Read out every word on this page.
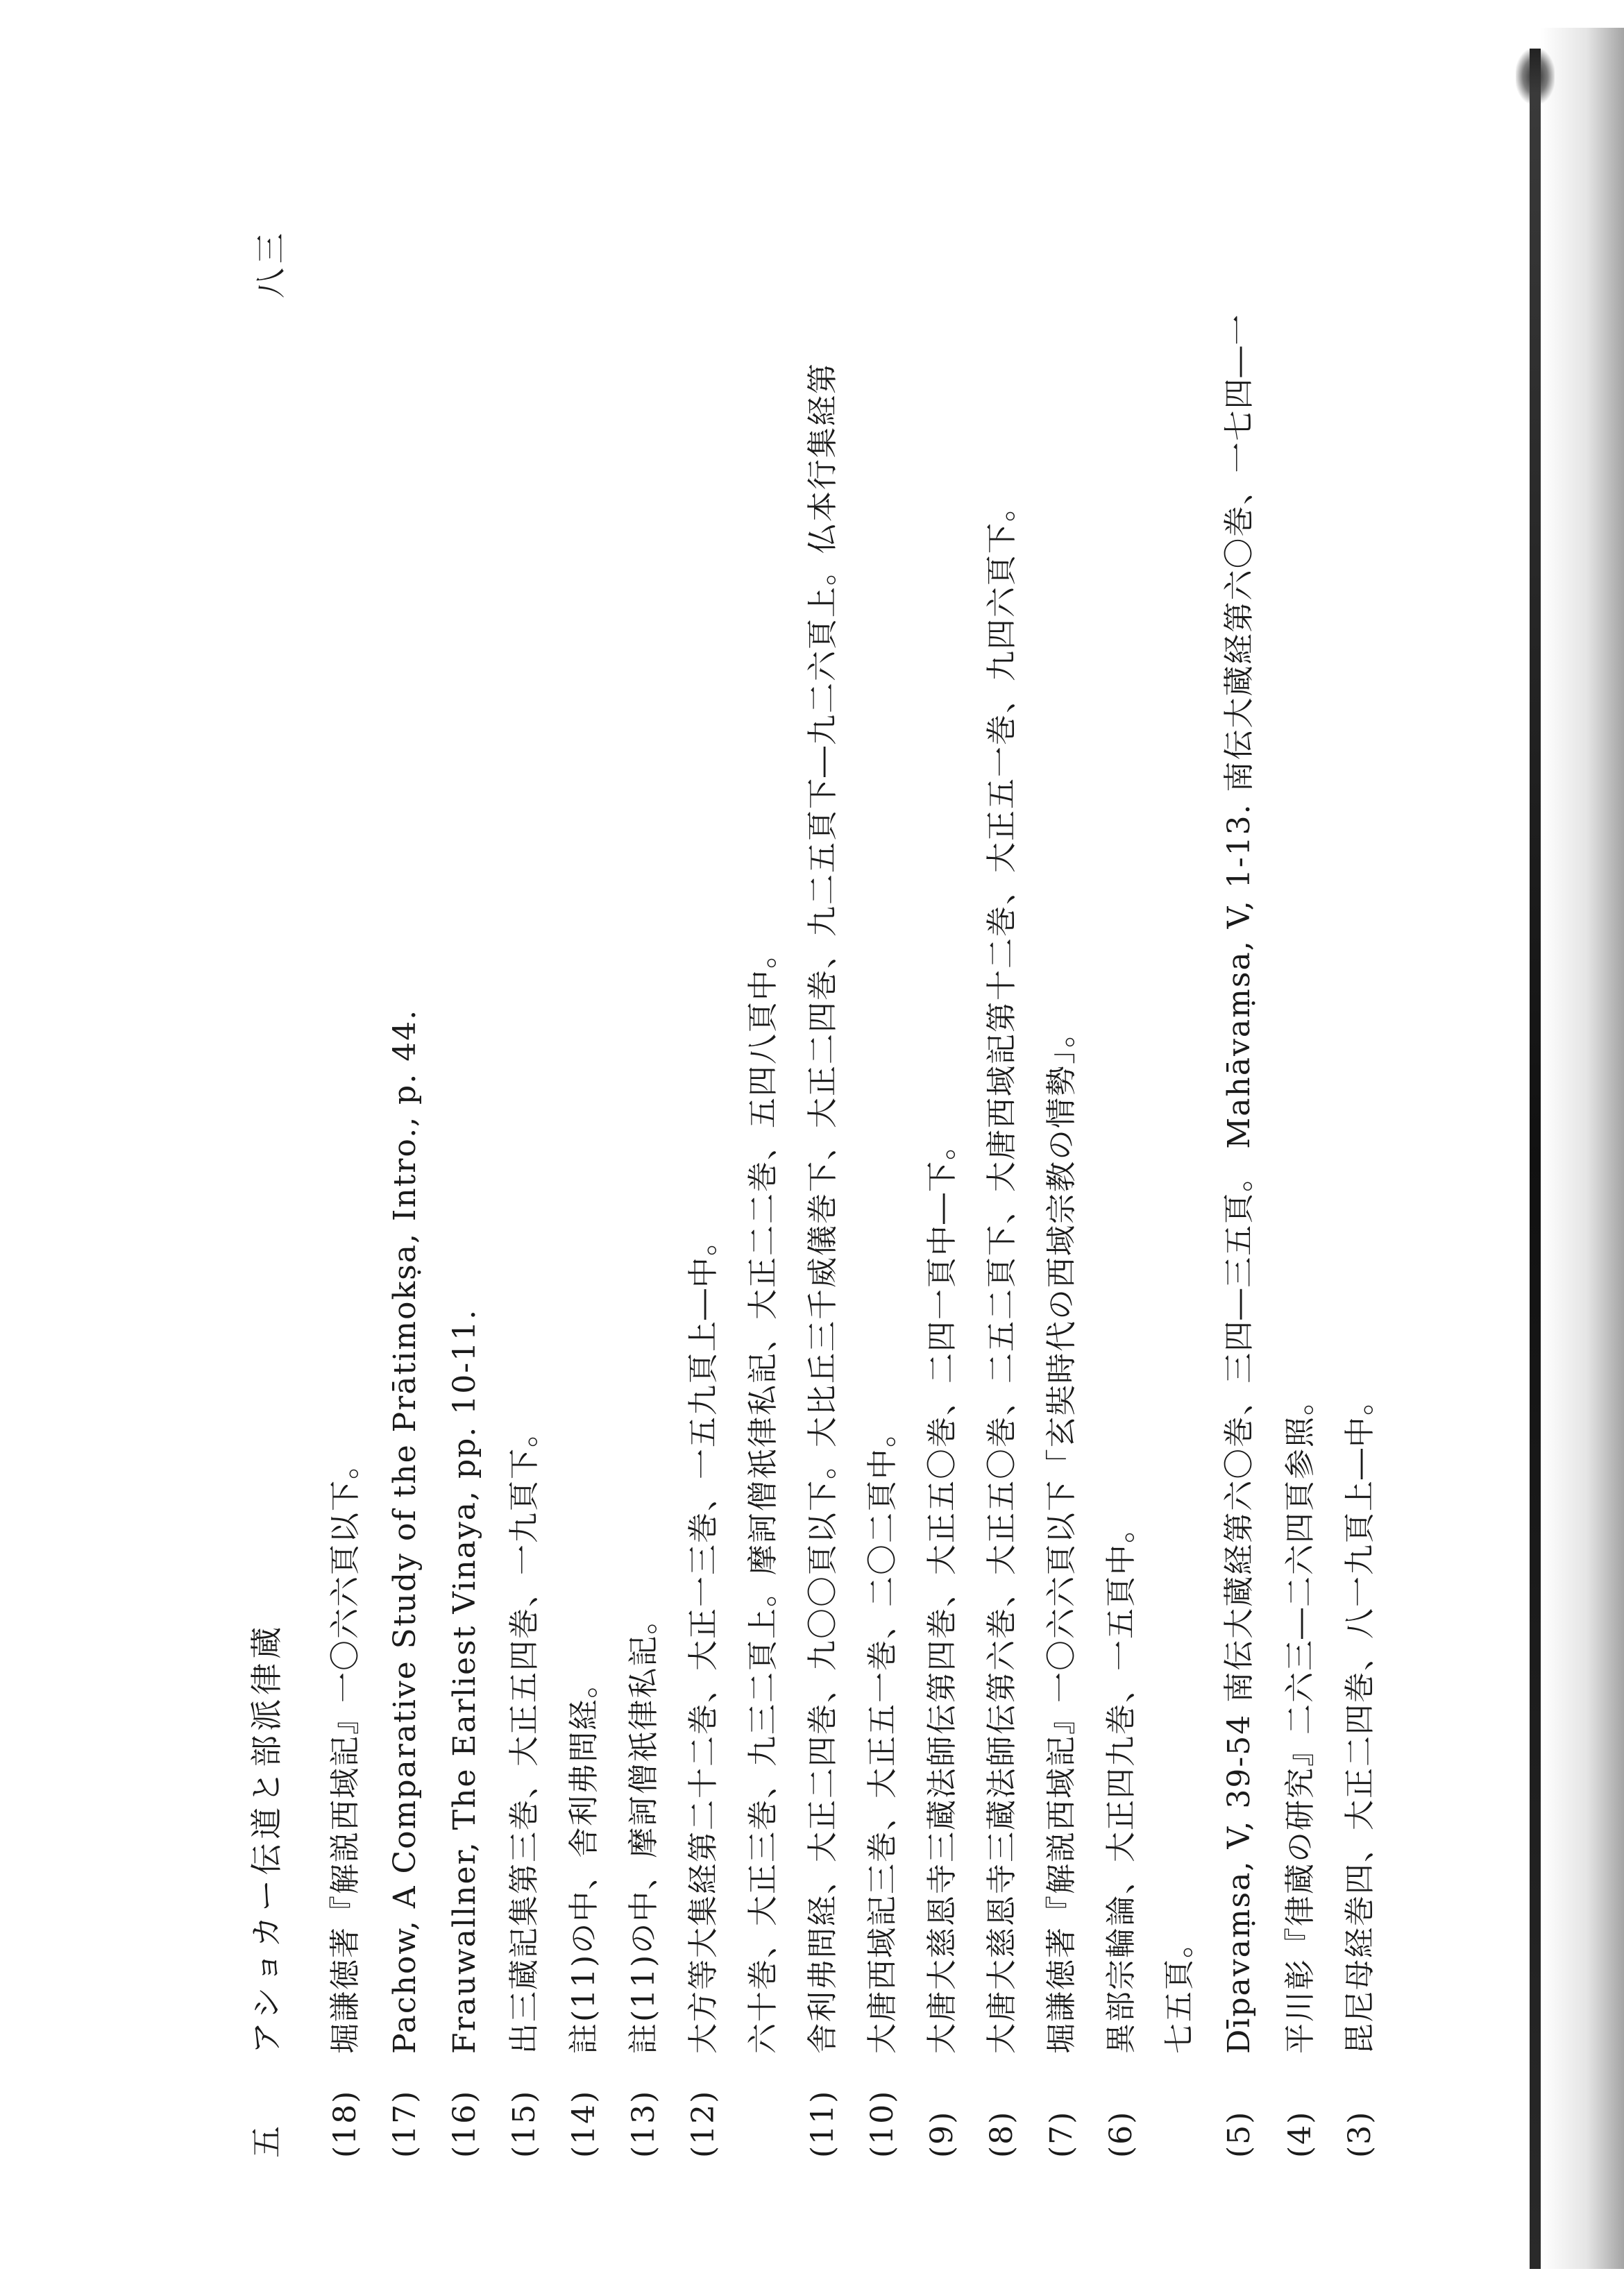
(3)毘尼母経巻四、大正二四巻、八一九頁上―中。
(4)平川彰『律蔵の研究』二六三―二六四頁参照。
(5)Dīpavaṃsa, V, 39-54 南伝大蔵経第六〇巻、三四―三五頁。 Mahāvaṃsa, V, 1-13. 南伝大蔵経第六〇巻、一七四―一
七五頁。
(6)異部宗輪論、大正四九巻、一五頁中。
(7)堀謙徳著『解説西域記』一〇六六頁以下「玄奘時代の西域宗教の情勢」。
(8)大唐大慈恩寺三蔵法師伝第六巻、大正五〇巻、二五二頁下、大唐西域記第十二巻、大正五一巻、九四六頁下。
(9)大唐大慈恩寺三蔵法師伝第四巻、大正五〇巻、二四一頁中―下。
(10)大唐西域記三巻、大正五一巻、二〇二頁中。
(11)舎利弗問経、大正二四巻、九〇〇頁以下。大比丘三千威儀巻下、大正二四巻、九二五頁下―九二六頁上。仏本行集経第
六十巻、大正三巻、九三二頁上。摩訶僧祇律私記、大正二二巻、五四八頁中。
(12)大方等大集経第二十二巻、大正一三巻、一五九頁上―中。
(13)註(11)の中、摩訶僧祇律私記。
(14)註(11)の中、舎利弗問経。
(15)出三蔵記集第三巻、大正五四巻、一九頁下。
(16)Frauwallner, The Earliest Vinaya, pp. 10-11.
(17)Pachow, A Comparative Study of the Prātimokṣa, Intro., p. 44.
(18)堀謙徳著『解説西域記』一〇六六頁以下。
五アショカー伝道と部派律蔵
八三
